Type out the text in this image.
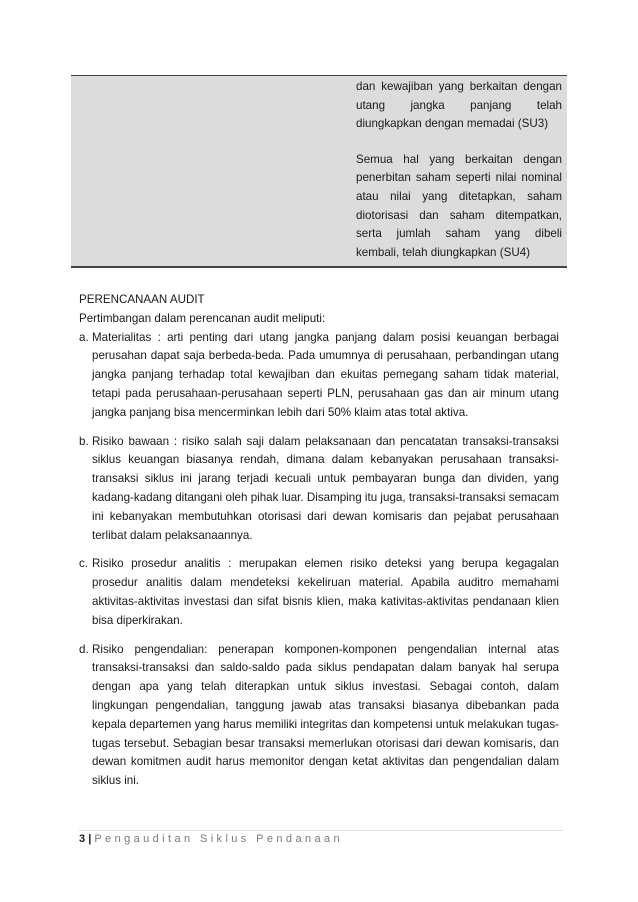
dan kewajiban yang berkaitan dengan utang jangka panjang telah diungkapkan dengan memadai (SU3)

Semua hal yang berkaitan dengan penerbitan saham seperti nilai nominal atau nilai yang ditetapkan, saham diotorisasi dan saham ditempatkan, serta jumlah saham yang dibeli kembali, telah diungkapkan (SU4)

PERENCANAAN AUDIT

Pertimbangan dalam perencanan audit meliputi:

a. Materialitas : arti penting dari utang jangka panjang dalam posisi keuangan berbagai perusahan dapat saja berbeda-beda. Pada umumnya di perusahaan, perbandingan utang jangka panjang terhadap total kewajiban dan ekuitas pemegang saham tidak material, tetapi pada perusahaan-perusahaan seperti PLN, perusahaan gas dan air minum utang jangka panjang bisa mencerminkan lebih dari 50% klaim atas total aktiva.
b. Risiko bawaan : risiko salah saji dalam pelaksanaan dan pencatatan transaksi-transaksi siklus keuangan biasanya rendah, dimana dalam kebanyakan perusahaan transaksi-transaksi siklus ini jarang terjadi kecuali untuk pembayaran bunga dan dividen, yang kadang-kadang ditangani oleh pihak luar. Disamping itu juga, transaksi-transaksi semacam ini kebanyakan membutuhkan otorisasi dari dewan komisaris dan pejabat perusahaan terlibat dalam pelaksanaannya.
c. Risiko prosedur analitis : merupakan elemen risiko deteksi yang berupa kegagalan prosedur analitis dalam mendeteksi kekeliruan material. Apabila auditro memahami aktivitas-aktivitas investasi dan sifat bisnis klien, maka kativitas-aktivitas pendanaan klien bisa diperkirakan.
d. Risiko pengendalian: penerapan komponen-komponen pengendalian internal atas transaksi-transaksi dan saldo-saldo pada siklus pendapatan dalam banyak hal serupa dengan apa yang telah diterapkan untuk siklus investasi. Sebagai contoh, dalam lingkungan pengendalian, tanggung jawab atas transaksi biasanya dibebankan pada kepala departemen yang harus memiliki integritas dan kompetensi untuk melakukan tugas-tugas tersebut. Sebagian besar transaksi memerlukan otorisasi dari dewan komisaris, dan dewan komitmen audit harus memonitor dengan ketat aktivitas dan pengendalian dalam siklus ini.
3 | Pengauditan Siklus Pendanaan
